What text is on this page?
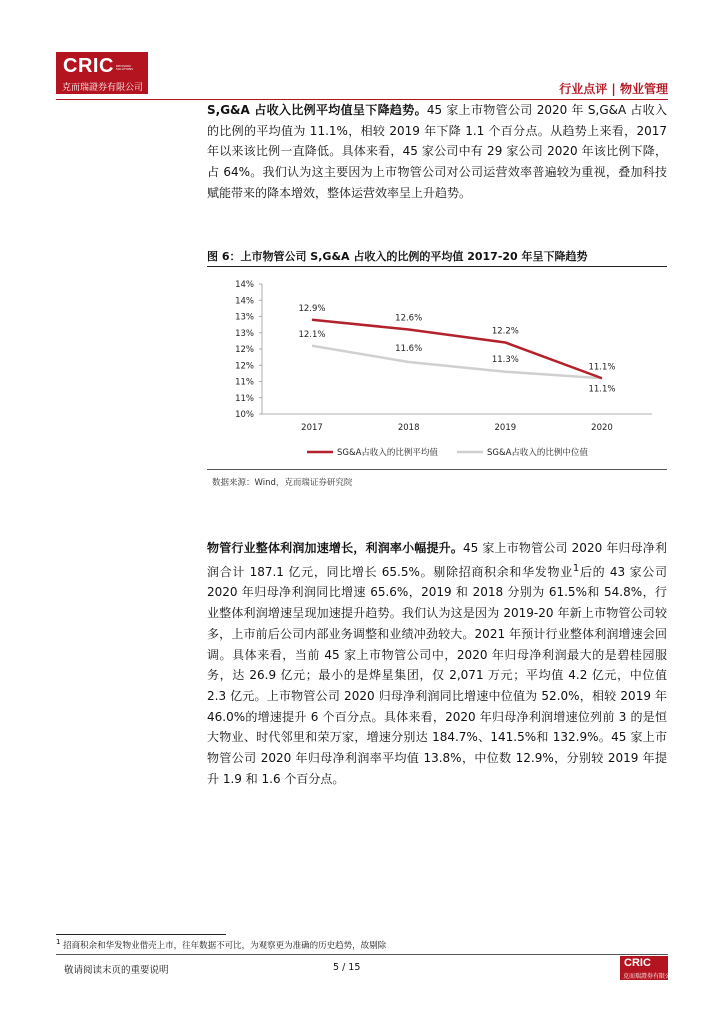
CRIC DECISION SOLUTIONS
克而瑞證券有限公司	行业点评 | 物业管理

S,G&A 占收入比例平均值呈下降趋势。45 家上市物管公司 2020 年 S,G&A 占收入的比例的平均值为 11.1%，相较 2019 年下降 1.1 个百分点。从趋势上来看，2017 年以来该比例一直降低。具体来看，45 家公司中有 29 家公司 2020 年该比例下降，占 64%。我们认为这主要因为上市物管公司对公司运营效率普遍较为重视，叠加科技赋能带来的降本增效，整体运营效率呈上升趋势。

图 6：上市物管公司 S,G&A 占收入的比例的平均值 2017-20 年呈下降趋势
10%
11%
11%
12%
12%
13%
13%
14%
14%
2017	2018	2019	2020
12.1%
11.6%
11.3%
11.1%
12.9%
12.6%
12.2%
11.1%
SG&A占收入的比例平均值	SG&A占收入的比例中位值
数据来源：Wind，克而瑞证券研究院

物管行业整体利润加速增长，利润率小幅提升。45 家上市物管公司 2020 年归母净利润合计 187.1 亿元，同比增长 65.5%。剔除招商积余和华发物业$^1$后的 43 家公司 2020 年归母净利润同比增速 65.6%，2019 和 2018 分别为 61.5%和 54.8%，行业整体利润增速呈现加速提升趋势。我们认为这是因为 2019-20 年新上市物管公司较多，上市前后公司内部业务调整和业绩冲劲较大。2021 年预计行业整体利润增速会回调。具体来看，当前 45 家上市物管公司中，2020 年归母净利润最大的是碧桂园服务，达 26.9 亿元；最小的是烨星集团，仅 2,071 万元；平均值 4.2 亿元，中位值 2.3 亿元。上市物管公司 2020 归母净利润同比增速中位值为 52.0%，相较 2019 年 46.0%的增速提升 6 个百分点。具体来看，2020 年归母净利润增速位列前 3 的是恒大物业、时代邻里和荣万家，增速分别达 184.7%、141.5%和 132.9%。45 家上市物管公司 2020 年归母净利润率平均值 13.8%，中位数 12.9%，分别较 2019 年提升 1.9 和 1.6 个百分点。

$^1$ 招商积余和华发物业借壳上市，往年数据不可比，为观察更为准确的历史趋势，故剔除
敬请阅读末页的重要说明	5 / 15	CRIC
克而瑞證券有限公司
